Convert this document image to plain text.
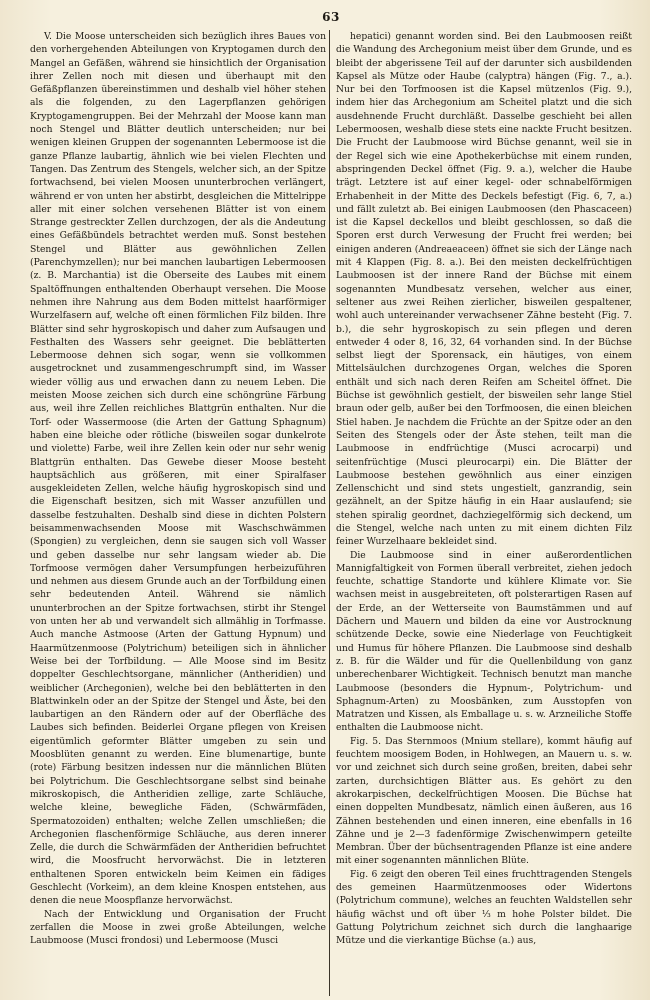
63

V. Die Moose unterscheiden sich bezüglich ihres Baues von den vorhergehenden Abteilungen von Kryptogamen durch den Mangel an Gefäßen, während sie hinsichtlich der Organisation ihrer Zellen noch mit diesen und überhaupt mit den Gefäßpflanzen übereinstimmen und deshalb viel höher stehen als die folgenden, zu den Lagerpflanzen gehörigen Kryptogamengruppen. Bei der Mehrzahl der Moose kann man noch Stengel und Blätter deutlich unterscheiden; nur bei wenigen kleinen Gruppen der sogenannten Lebermoose ist die ganze Pflanze laubartig, ähnlich wie bei vielen Flechten und Tangen. Das Zentrum des Stengels, welcher sich, an der Spitze fortwachsend, bei vielen Moosen ununterbrochen verlängert, während er von unten her abstirbt, desgleichen die Mittelrippe aller mit einer solchen versehenen Blätter ist von einem Strange gestreckter Zellen durchzogen, der als die Andeutung eines Gefäßbündels betrachtet werden muß. Sonst bestehen Stengel und Blätter aus gewöhnlichen Zellen (Parenchymzellen); nur bei manchen laubartigen Lebermoosen (z. B. Marchantia) ist die Oberseite des Laubes mit einem Spaltöffnungen enthaltenden Oberhaupt versehen. Die Moose nehmen ihre Nahrung aus dem Boden mittelst haarförmiger Wurzelfasern auf, welche oft einen förmlichen Filz bilden. Ihre Blätter sind sehr hygroskopisch und daher zum Aufsaugen und Festhalten des Wassers sehr geeignet. Die beblätterten Lebermoose dehnen sich sogar, wenn sie vollkommen ausgetrocknet und zusammengeschrumpft sind, im Wasser wieder völlig aus und erwachen dann zu neuem Leben. Die meisten Moose zeichen sich durch eine schöngrüne Färbung aus, weil ihre Zellen reichliches Blattgrün enthalten. Nur die Torf- oder Wassermoose (die Arten der Gattung Sphagnum) haben eine bleiche oder rötliche (bisweilen sogar dunkelrote und violette) Farbe, weil ihre Zellen kein oder nur sehr wenig Blattgrün enthalten. Das Gewebe dieser Moose besteht hauptsächlich aus größeren, mit einer Spiralfaser ausgekleideten Zellen, welche häufig hygroskopisch sind und die Eigenschaft besitzen, sich mit Wasser anzufüllen und dasselbe festzuhalten. Deshalb sind diese in dichten Polstern beisammenwachsenden Moose mit Waschschwämmen (Spongien) zu vergleichen, denn sie saugen sich voll Wasser und geben dasselbe nur sehr langsam wieder ab. Die Torfmoose vermögen daher Versumpfungen herbeizuführen und nehmen aus diesem Grunde auch an der Torfbildung einen sehr bedeutenden Anteil. Während sie nämlich ununterbrochen an der Spitze fortwachsen, stirbt ihr Stengel von unten her ab und verwandelt sich allmählig in Torfmasse. Auch manche Astmoose (Arten der Gattung Hypnum) und Haarmützenmoose (Polytrichum) beteiligen sich in ähnlicher Weise bei der Torfbildung. — Alle Moose sind im Besitz doppelter Geschlechtsorgane, männlicher (Antheridien) und weiblicher (Archegonien), welche bei den beblätterten in den Blattwinkeln oder an der Spitze der Stengel und Äste, bei den laubartigen an den Rändern oder auf der Oberfläche des Laubes sich befinden. Beiderlei Organe pflegen von Kreisen eigentümlich geformter Blätter umgeben zu sein und Moosblüten genannt zu werden. Eine blumenartige, bunte (rote) Färbung besitzen indessen nur die männlichen Blüten bei Polytrichum. Die Geschlechtsorgane selbst sind beinahe mikroskopisch, die Antheridien zellige, zarte Schläuche, welche kleine, bewegliche Fäden, (Schwärmfäden, Spermatozoiden) enthalten; welche Zellen umschließen; die Archegonien flaschenförmige Schläuche, aus deren innerer Zelle, die durch die Schwärmfäden der Antheridien befruchtet wird, die Moosfrucht hervorwächst. Die in letzteren enthaltenen Sporen entwickeln beim Keimen ein fädiges Geschlecht (Vorkeim), an dem kleine Knospen entstehen, aus denen die neue Moospflanze hervorwächst.

Nach der Entwicklung und Organisation der Frucht zerfallen die Moose in zwei große Abteilungen, welche Laubmoose (Musci frondosi) und Lebermoose (Musci

hepatici) genannt worden sind. Bei den Laubmoosen reißt die Wandung des Archegonium meist über dem Grunde, und es bleibt der abgerissene Teil auf der darunter sich ausbildenden Kapsel als Mütze oder Haube (calyptra) hängen (Fig. 7., a.). Nur bei den Torfmoosen ist die Kapsel mützenlos (Fig. 9.), indem hier das Archegonium am Scheitel platzt und die sich ausdehnende Frucht durchläßt. Dasselbe geschieht bei allen Lebermoosen, weshalb diese stets eine nackte Frucht besitzen. Die Frucht der Laubmoose wird Büchse genannt, weil sie in der Regel sich wie eine Apothekerbüchse mit einem runden, abspringenden Deckel öffnet (Fig. 9. a.), welcher die Haube trägt. Letztere ist auf einer kegel- oder schnabelförmigen Erhabenheit in der Mitte des Deckels befestigt (Fig. 6, 7, a.) und fällt zuletzt ab. Bei einigen Laubmoosen (den Phascaceen) ist die Kapsel deckellos und bleibt geschlossen, so daß die Sporen erst durch Verwesung der Frucht frei werden; bei einigen anderen (Andreaeaceen) öffnet sie sich der Länge nach mit 4 Klappen (Fig. 8. a.). Bei den meisten deckelfrüchtigen Laubmoosen ist der innere Rand der Büchse mit einem sogenannten Mundbesatz versehen, welcher aus einer, seltener aus zwei Reihen zierlicher, bisweilen gespaltener, wohl auch untereinander verwachsener Zähne besteht (Fig. 7. b.), die sehr hygroskopisch zu sein pflegen und deren entweder 4 oder 8, 16, 32, 64 vorhanden sind. In der Büchse selbst liegt der Sporensack, ein häutiges, von einem Mittelsäulchen durchzogenes Organ, welches die Sporen enthält und sich nach deren Reifen am Scheitel öffnet. Die Büchse ist gewöhnlich gestielt, der bisweilen sehr lange Stiel braun oder gelb, außer bei den Torfmoosen, die einen bleichen Stiel haben. Je nachdem die Früchte an der Spitze oder an den Seiten des Stengels oder der Äste stehen, teilt man die Laubmoose in endfrüchtige (Musci acrocarpi) und seitenfrüchtige (Musci pleurocarpi) ein. Die Blätter der Laubmoose bestehen gewöhnlich aus einer einzigen Zellenschicht und sind stets ungestielt, ganzrandig, sein gezähnelt, an der Spitze häufig in ein Haar auslaufend; sie stehen spiralig geordnet, dachziegelförmig sich deckend, um die Stengel, welche nach unten zu mit einem dichten Filz feiner Wurzelhaare bekleidet sind.

Die Laubmoose sind in einer außerordentlichen Mannigfaltigkeit von Formen überall verbreitet, ziehen jedoch feuchte, schattige Standorte und kühlere Klimate vor. Sie wachsen meist in ausgebreiteten, oft polsterartigen Rasen auf der Erde, an der Wetterseite von Baumstämmen und auf Dächern und Mauern und bilden da eine vor Austrocknung schützende Decke, sowie eine Niederlage von Feuchtigkeit und Humus für höhere Pflanzen. Die Laubmoose sind deshalb z. B. für die Wälder und für die Quellenbildung von ganz unberechenbarer Wichtigkeit. Technisch benutzt man manche Laubmoose (besonders die Hypnum-, Polytrichum- und Sphagnum-Arten) zu Moosbänken, zum Ausstopfen von Matratzen und Kissen, als Emballage u. s. w. Arzneiliche Stoffe enthalten die Laubmoose nicht.

Fig. 5. Das Sternmoos (Mnium stellare), kommt häufig auf feuchtem moosigem Boden, in Hohlwegen, an Mauern u. s. w. vor und zeichnet sich durch seine großen, breiten, dabei sehr zarten, durchsichtigen Blätter aus. Es gehört zu den akrokarpischen, deckelfrüchtigen Moosen. Die Büchse hat einen doppelten Mundbesatz, nämlich einen äußeren, aus 16 Zähnen bestehenden und einen inneren, eine ebenfalls in 16 Zähne und je 2—3 fadenförmige Zwischenwimpern geteilte Membran. Über der büchsentragenden Pflanze ist eine andere mit einer sogenannten männlichen Blüte.

Fig. 6 zeigt den oberen Teil eines fruchttragenden Stengels des gemeinen Haarmützenmooses oder Widertons (Polytrichum commune), welches an feuchten Waldstellen sehr häufig wächst und oft über ⅓ m hohe Polster bildet. Die Gattung Polytrichum zeichnet sich durch die langhaarige Mütze und die vierkantige Büchse (a.) aus,
